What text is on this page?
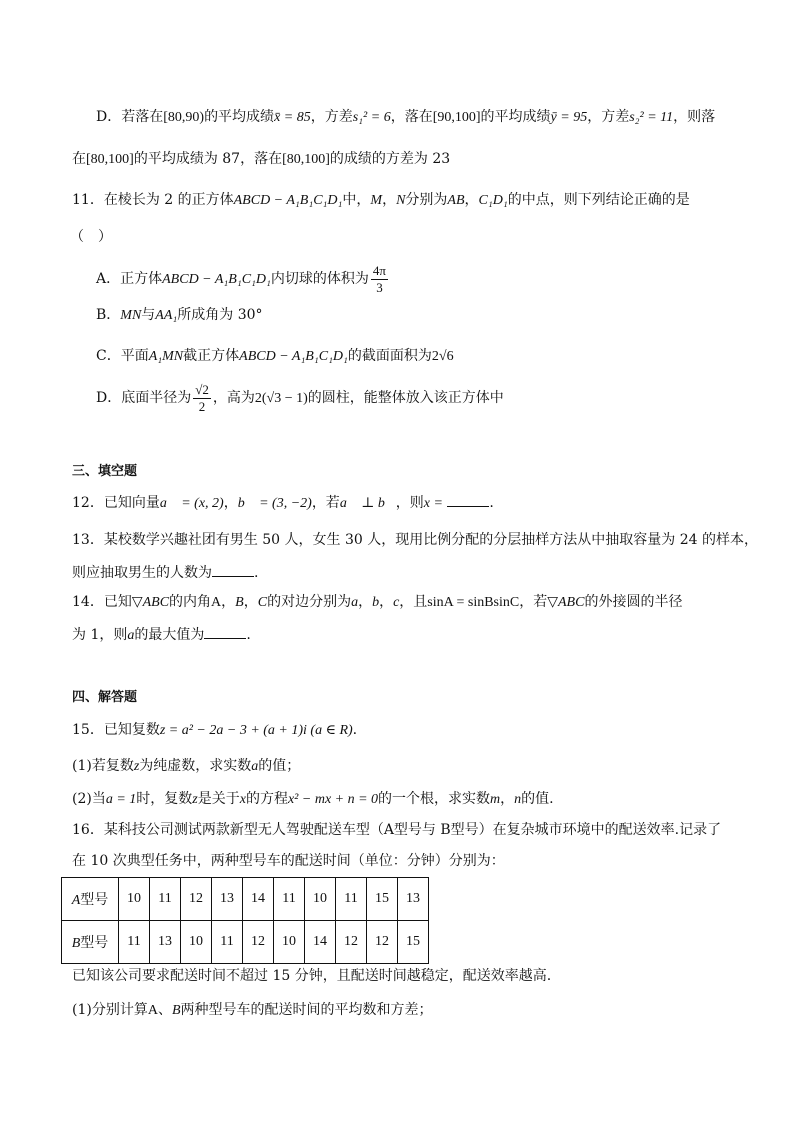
D．若落在[80,90)的平均成绩x̄ = 85，方差s₁² = 6，落在[90,100]的平均成绩ȳ = 95，方差s₂² = 11，则落
在[80,100]的平均成绩为 87，落在[80,100]的成绩的方差为 23
11．在棱长为 2 的正方体ABCD − A₁B₁C₁D₁中，M，N分别为AB，C₁D₁的中点，则下列结论正确的是
（　）
A．正方体ABCD − A₁B₁C₁D₁内切球的体积为 $\frac{4\pi}{3}$
B．MN与AA₁所成角为 30°
C．平面A₁MN截正方体ABCD − A₁B₁C₁D₁的截面面积为2√6
D．底面半径为 $\frac{√2}{2}$ ，高为2(√3 − 1)的圆柱，能整体放入该正方体中
三、填空题
12．已知向量a⃗ = (x, 2)，b⃗ = (3, −2)，若a⃗ ⊥ b⃗，则x =	.
13．某校数学兴趣社团有男生 50 人，女生 30 人，现用比例分配的分层抽样方法从中抽取容量为 24 的样本，
则应抽取男生的人数为	.
14．已知▽ABC的内角A，B，C的对边分别为a，b，c，且sinA = sinBsinC，若▽ABC的外接圆的半径
为 1，则a的最大值为	.
四、解答题
15．已知复数z = a² − 2a − 3 + (a + 1)i (a ∈ R).
(1)若复数z为纯虚数，求实数a的值；
(2)当a = 1时，复数z是关于x的方程x² − mx + n = 0的一个根，求实数m，n的值.
16．某科技公司测试两款新型无人驾驶配送车型（A型号与 B型号）在复杂城市环境中的配送效率.记录了
在 10 次典型任务中，两种型号车的配送时间（单位：分钟）分别为：
A型号	10	11	12	13	14	11	10	11	15	13
B型号	11	13	10	11	12	10	14	12	12	15
已知该公司要求配送时间不超过 15 分钟，且配送时间越稳定，配送效率越高.
(1)分别计算A、B两种型号车的配送时间的平均数和方差；
